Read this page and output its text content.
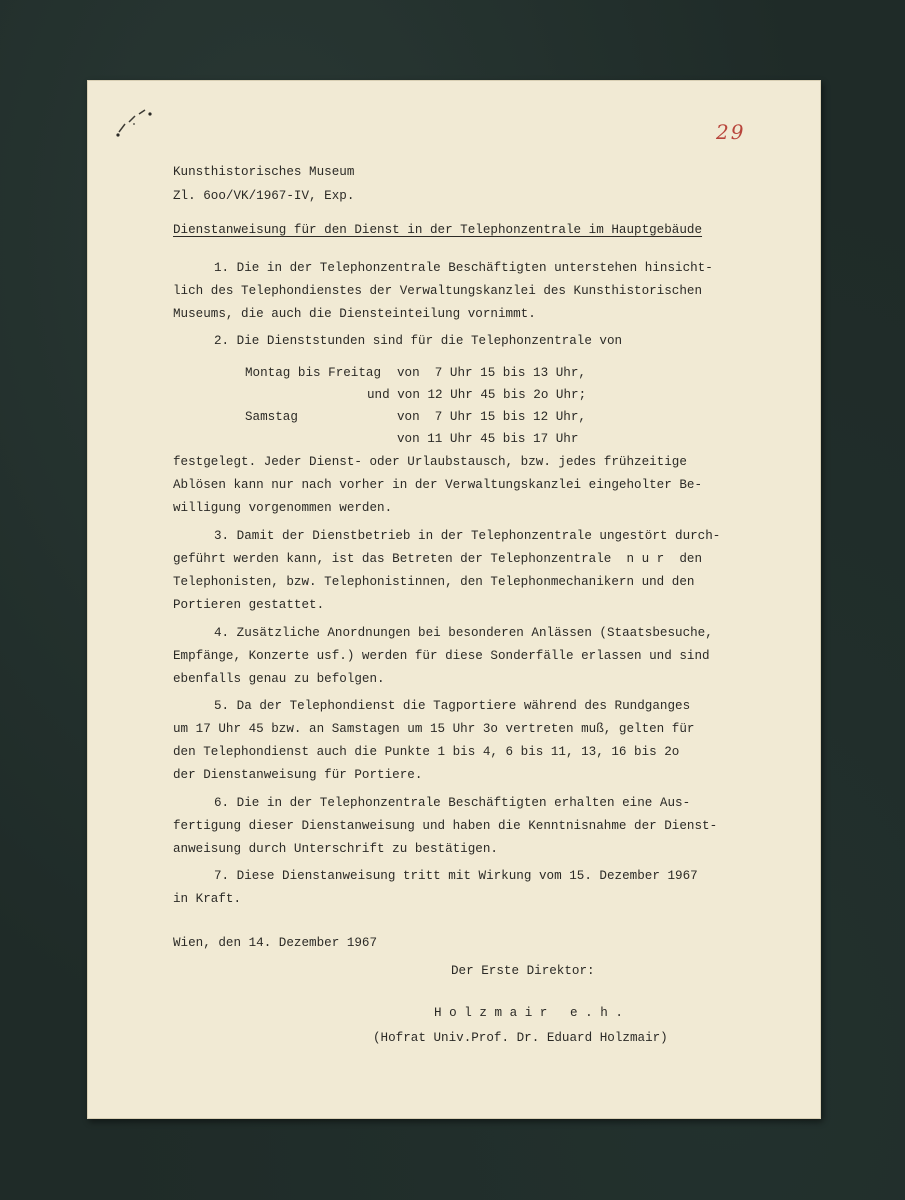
29
Kunsthistorisches Museum
Zl. 6oo/VK/1967-IV, Exp.
Dienstanweisung für den Dienst in der Telephonzentrale im Hauptgebäude
1. Die in der Telephonzentrale Beschäftigten unterstehen hinsicht-
lich des Telephondienstes der Verwaltungskanzlei des Kunsthistorischen
Museums, die auch die Diensteinteilung vornimmt.
2. Die Dienststunden sind für die Telephonzentrale von
Montag bis Freitag von  7 Uhr 15 bis 13 Uhr,
und von 12 Uhr 45 bis 2o Uhr;
Samstag	von  7 Uhr 15 bis 12 Uhr,
von 11 Uhr 45 bis 17 Uhr
festgelegt. Jeder Dienst- oder Urlaubstausch, bzw. jedes frühzeitige
Ablösen kann nur nach vorher in der Verwaltungskanzlei eingeholter Be-
willigung vorgenommen werden.
3. Damit der Dienstbetrieb in der Telephonzentrale ungestört durch-
geführt werden kann, ist das Betreten der Telephonzentrale  n u r  den
Telephonisten, bzw. Telephonistinnen, den Telephonmechanikern und den
Portieren gestattet.
4. Zusätzliche Anordnungen bei besonderen Anlässen (Staatsbesuche,
Empfänge, Konzerte usf.) werden für diese Sonderfälle erlassen und sind
ebenfalls genau zu befolgen.
5. Da der Telephondienst die Tagportiere während des Rundganges
um 17 Uhr 45 bzw. an Samstagen um 15 Uhr 3o vertreten muß, gelten für
den Telephondienst auch die Punkte 1 bis 4, 6 bis 11, 13, 16 bis 2o
der Dienstanweisung für Portiere.
6. Die in der Telephonzentrale Beschäftigten erhalten eine Aus-
fertigung dieser Dienstanweisung und haben die Kenntnisnahme der Dienst-
anweisung durch Unterschrift zu bestätigen.
7. Diese Dienstanweisung tritt mit Wirkung vom 15. Dezember 1967
in Kraft.
Wien, den 14. Dezember 1967
Der Erste Direktor:
H o l z m a i r   e . h .
(Hofrat Univ.Prof. Dr. Eduard Holzmair)
